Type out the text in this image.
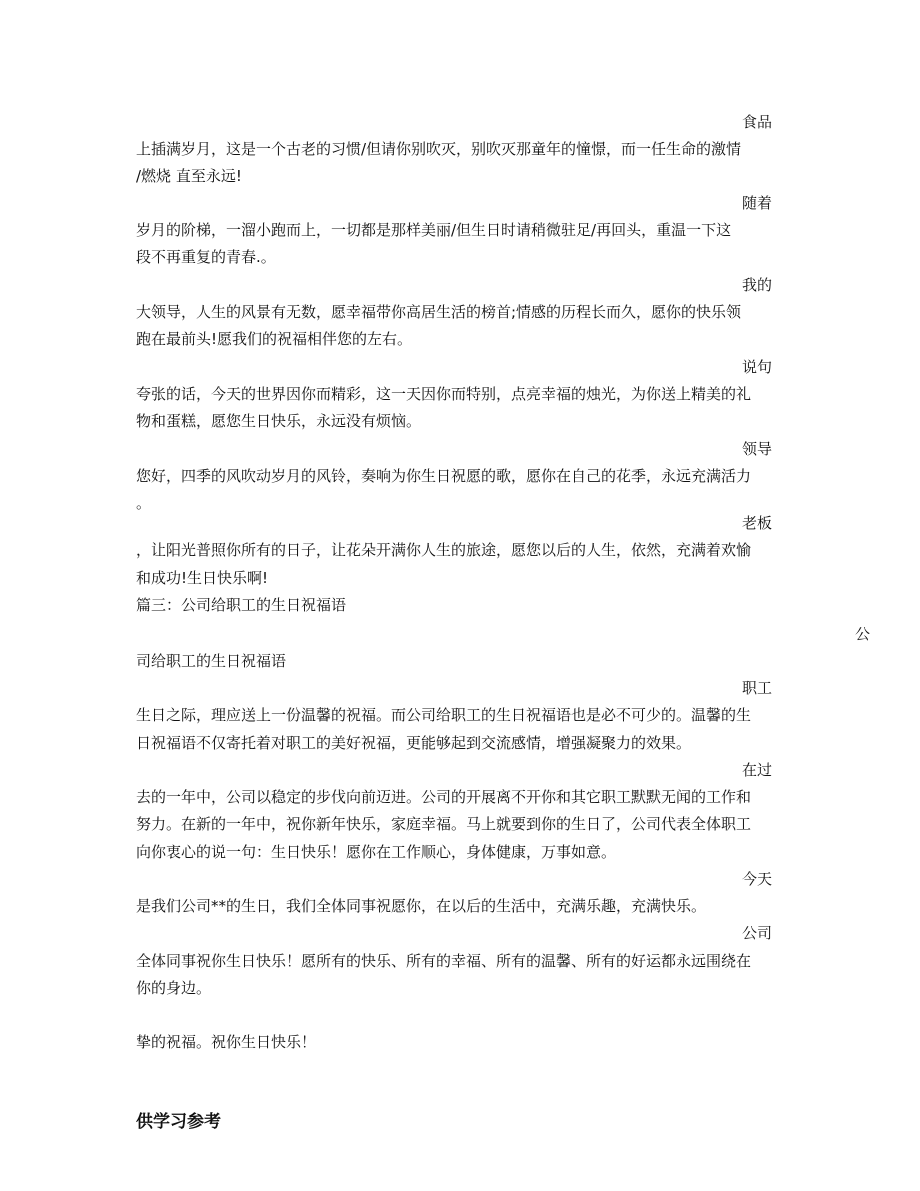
食品

上插满岁月，这是一个古老的习惯/但请你别吹灭，别吹灭那童年的憧憬，而一任生命的激情

/燃烧 直至永远!

随着

岁月的阶梯，一溜小跑而上，一切都是那样美丽/但生日时请稍微驻足/再回头，重温一下这

段不再重复的青春.。

我的

大领导，人生的风景有无数，愿幸福带你高居生活的榜首;情感的历程长而久，愿你的快乐领

跑在最前头!愿我们的祝福相伴您的左右。

说句

夸张的话，今天的世界因你而精彩，这一天因你而特别，点亮幸福的烛光，为你送上精美的礼

物和蛋糕，愿您生日快乐，永远没有烦恼。

领导

您好，四季的风吹动岁月的风铃，奏响为你生日祝愿的歌，愿你在自己的花季，永远充满活力

。

老板

，让阳光普照你所有的日子，让花朵开满你人生的旅途，愿您以后的人生，依然，充满着欢愉

和成功!生日快乐啊!

篇三：公司给职工的生日祝福语

公

司给职工的生日祝福语

职工

生日之际，理应送上一份温馨的祝福。而公司给职工的生日祝福语也是必不可少的。温馨的生

日祝福语不仅寄托着对职工的美好祝福，更能够起到交流感情，增强凝聚力的效果。

在过

去的一年中，公司以稳定的步伐向前迈进。公司的开展离不开你和其它职工默默无闻的工作和

努力。在新的一年中，祝你新年快乐，家庭幸福。马上就要到你的生日了，公司代表全体职工

向你衷心的说一句：生日快乐！愿你在工作顺心，身体健康，万事如意。

今天

是我们公司**的生日，我们全体同事祝愿你，在以后的生活中，充满乐趣，充满快乐。

公司

全体同事祝你生日快乐！愿所有的快乐、所有的幸福、所有的温馨、所有的好运都永远围绕在

你的身边。

挚的祝福。祝你生日快乐！

供学习参考
